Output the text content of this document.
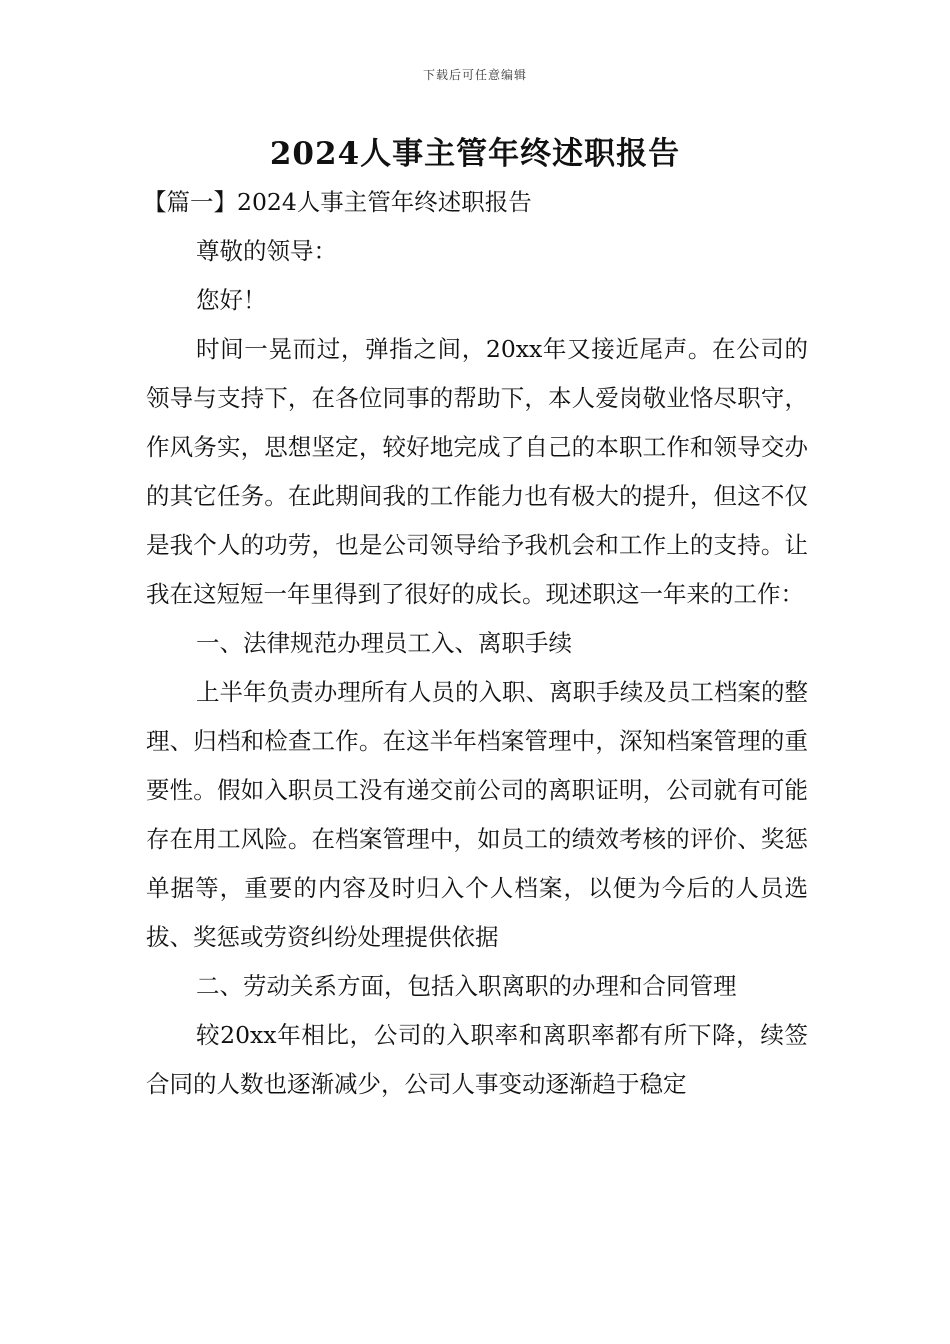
下载后可任意编辑
2024人事主管年终述职报告

【篇一】2024人事主管年终述职报告

尊敬的领导：

您好！

时间一晃而过，弹指之间，20xx年又接近尾声。在公司的领导与支持下，在各位同事的帮助下，本人爱岗敬业恪尽职守，作风务实，思想坚定，较好地完成了自己的本职工作和领导交办的其它任务。在此期间我的工作能力也有极大的提升，但这不仅是我个人的功劳，也是公司领导给予我机会和工作上的支持。让我在这短短一年里得到了很好的成长。现述职这一年来的工作：

一、法律规范办理员工入、离职手续

上半年负责办理所有人员的入职、离职手续及员工档案的整理、归档和检查工作。在这半年档案管理中，深知档案管理的重要性。假如入职员工没有递交前公司的离职证明，公司就有可能存在用工风险。在档案管理中，如员工的绩效考核的评价、奖惩单据等，重要的内容及时归入个人档案，以便为今后的人员选拔、奖惩或劳资纠纷处理提供依据

二、劳动关系方面，包括入职离职的办理和合同管理

较20xx年相比，公司的入职率和离职率都有所下降，续签合同的人数也逐渐减少，公司人事变动逐渐趋于稳定
